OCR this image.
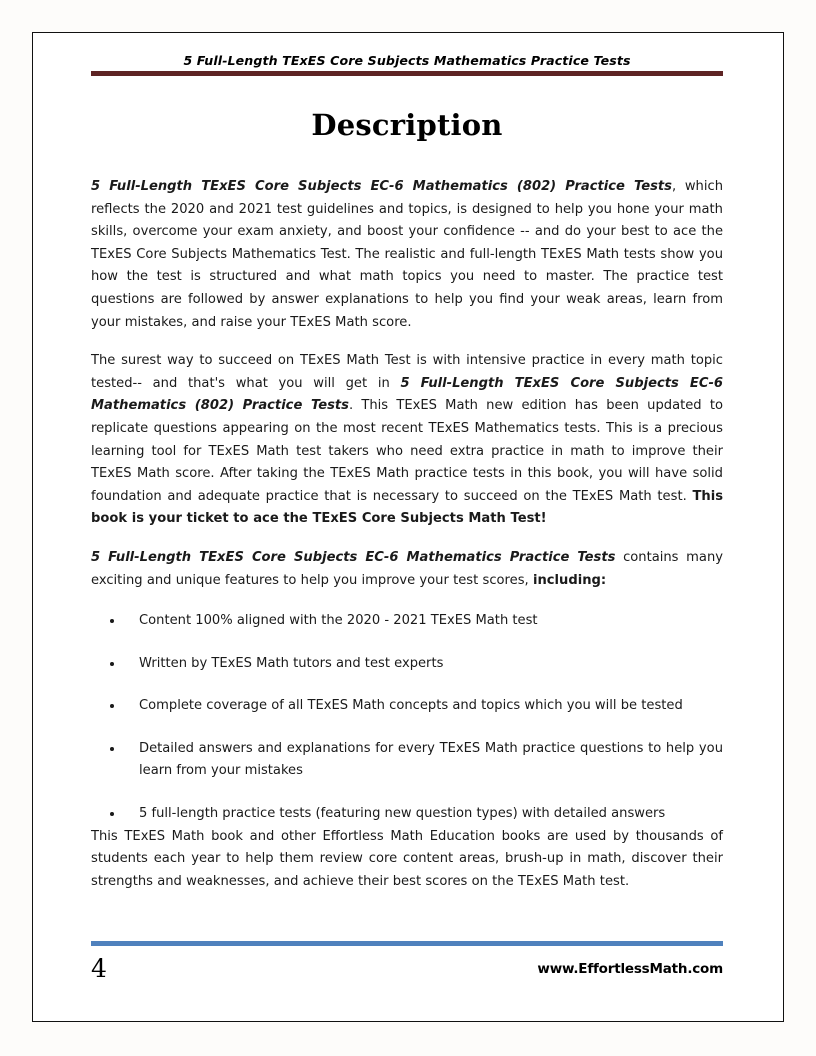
5 Full-Length TExES Core Subjects Mathematics Practice Tests
Description

5 Full-Length TExES Core Subjects EC-6 Mathematics (802) Practice Tests, which reflects the 2020 and 2021 test guidelines and topics, is designed to help you hone your math skills, overcome your exam anxiety, and boost your confidence -- and do your best to ace the TExES Core Subjects Mathematics Test. The realistic and full-length TExES Math tests show you how the test is structured and what math topics you need to master. The practice test questions are followed by answer explanations to help you find your weak areas, learn from your mistakes, and raise your TExES Math score.

The surest way to succeed on TExES Math Test is with intensive practice in every math topic tested-- and that's what you will get in 5 Full-Length TExES Core Subjects EC-6 Mathematics (802) Practice Tests. This TExES Math new edition has been updated to replicate questions appearing on the most recent TExES Mathematics tests. This is a precious learning tool for TExES Math test takers who need extra practice in math to improve their TExES Math score. After taking the TExES Math practice tests in this book, you will have solid foundation and adequate practice that is necessary to succeed on the TExES Math test. This book is your ticket to ace the TExES Core Subjects Math Test!

5 Full-Length TExES Core Subjects EC-6 Mathematics Practice Tests contains many exciting and unique features to help you improve your test scores, including:

Content 100% aligned with the 2020 - 2021 TExES Math test
Written by TExES Math tutors and test experts
Complete coverage of all TExES Math concepts and topics which you will be tested
Detailed answers and explanations for every TExES Math practice questions to help you learn from your mistakes
5 full-length practice tests (featuring new question types) with detailed answers

This TExES Math book and other Effortless Math Education books are used by thousands of students each year to help them review core content areas, brush-up in math, discover their strengths and weaknesses, and achieve their best scores on the TExES Math test.

4	www.EffortlessMath.com
